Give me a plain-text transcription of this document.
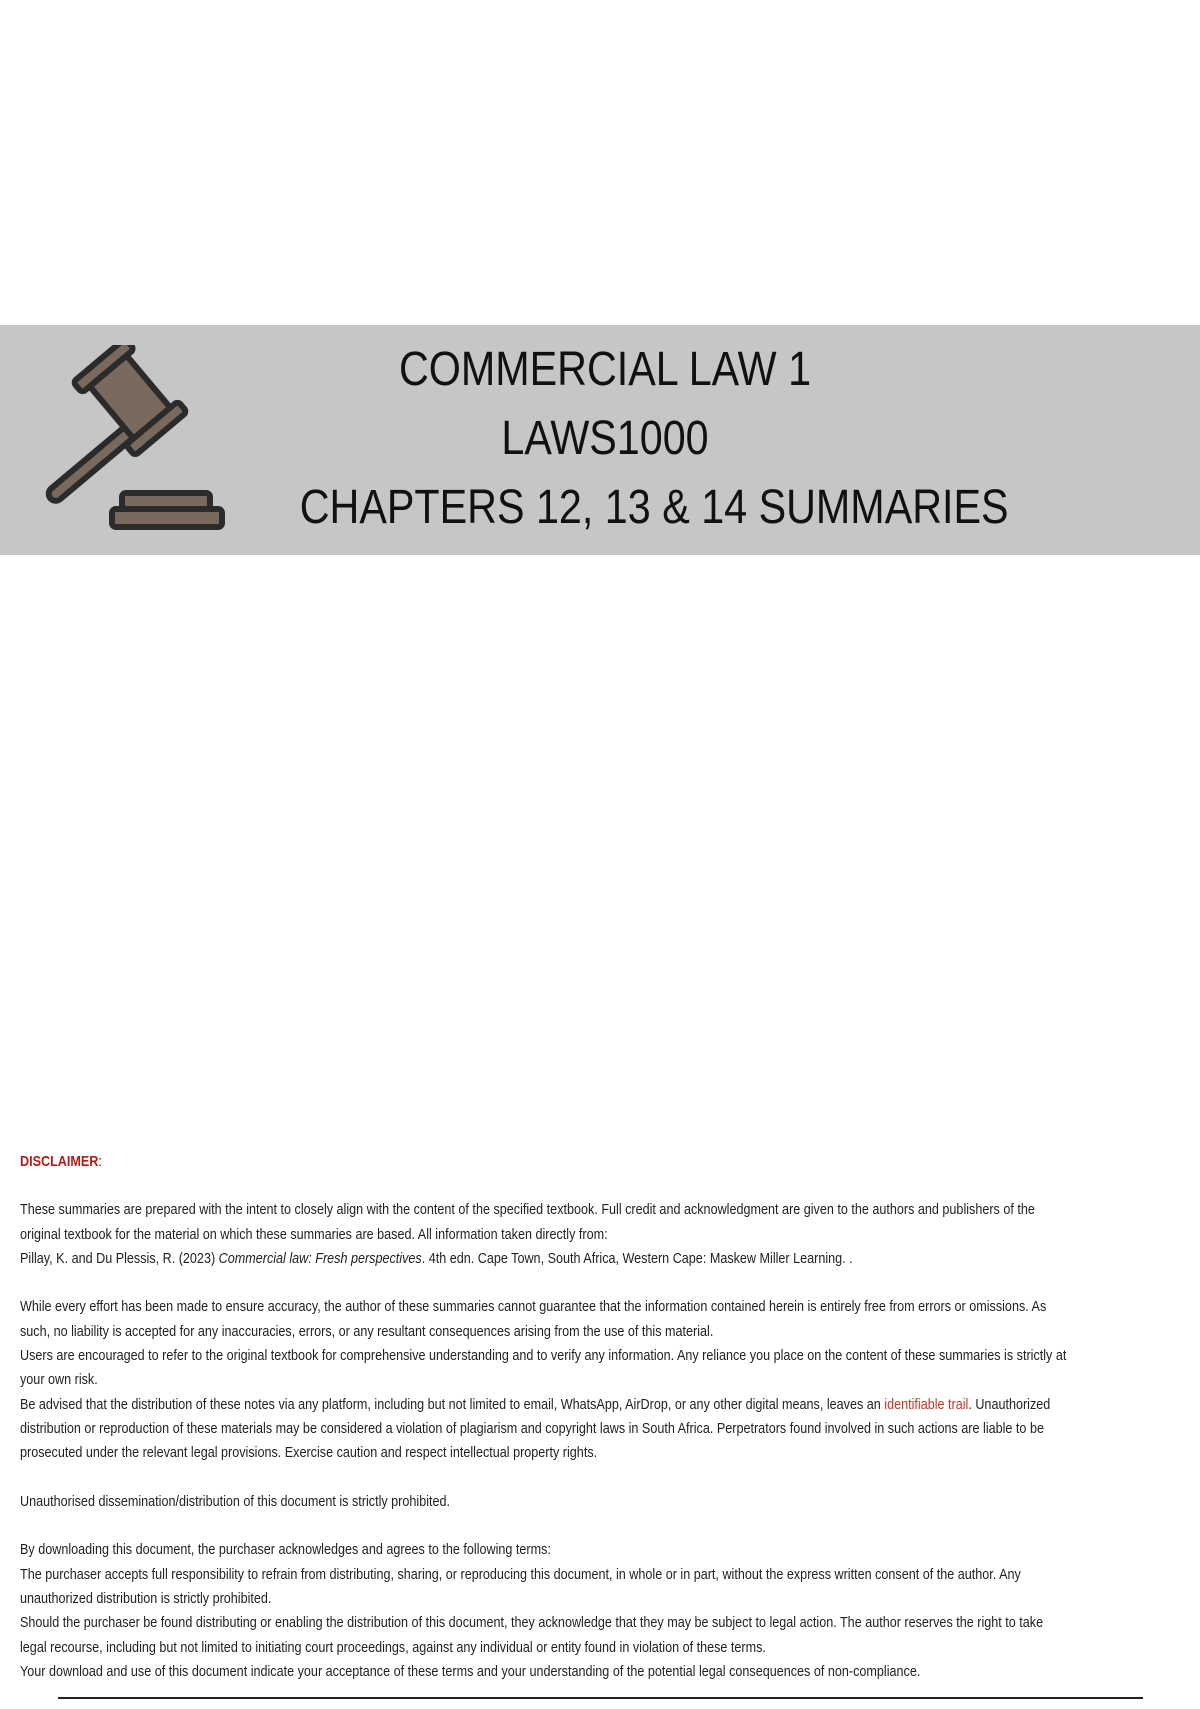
COMMERCIAL LAW 1

LAWS1000

CHAPTERS 12, 13 & 14 SUMMARIES

DISCLAIMER:

These summaries are prepared with the intent to closely align with the content of the specified textbook. Full credit and acknowledgment are given to the authors and publishers of the

original textbook for the material on which these summaries are based. All information taken directly from:

Pillay, K. and Du Plessis, R. (2023) Commercial law: Fresh perspectives. 4th edn. Cape Town, South Africa, Western Cape: Maskew Miller Learning. .

While every effort has been made to ensure accuracy, the author of these summaries cannot guarantee that the information contained herein is entirely free from errors or omissions. As

such, no liability is accepted for any inaccuracies, errors, or any resultant consequences arising from the use of this material.

Users are encouraged to refer to the original textbook for comprehensive understanding and to verify any information. Any reliance you place on the content of these summaries is strictly at

your own risk.

Be advised that the distribution of these notes via any platform, including but not limited to email, WhatsApp, AirDrop, or any other digital means, leaves an identifiable trail. Unauthorized

distribution or reproduction of these materials may be considered a violation of plagiarism and copyright laws in South Africa. Perpetrators found involved in such actions are liable to be

prosecuted under the relevant legal provisions. Exercise caution and respect intellectual property rights.

Unauthorised dissemination/distribution of this document is strictly prohibited.

By downloading this document, the purchaser acknowledges and agrees to the following terms:

The purchaser accepts full responsibility to refrain from distributing, sharing, or reproducing this document, in whole or in part, without the express written consent of the author. Any

unauthorized distribution is strictly prohibited.

Should the purchaser be found distributing or enabling the distribution of this document, they acknowledge that they may be subject to legal action. The author reserves the right to take

legal recourse, including but not limited to initiating court proceedings, against any individual or entity found in violation of these terms.

Your download and use of this document indicate your acceptance of these terms and your understanding of the potential legal consequences of non-compliance.
